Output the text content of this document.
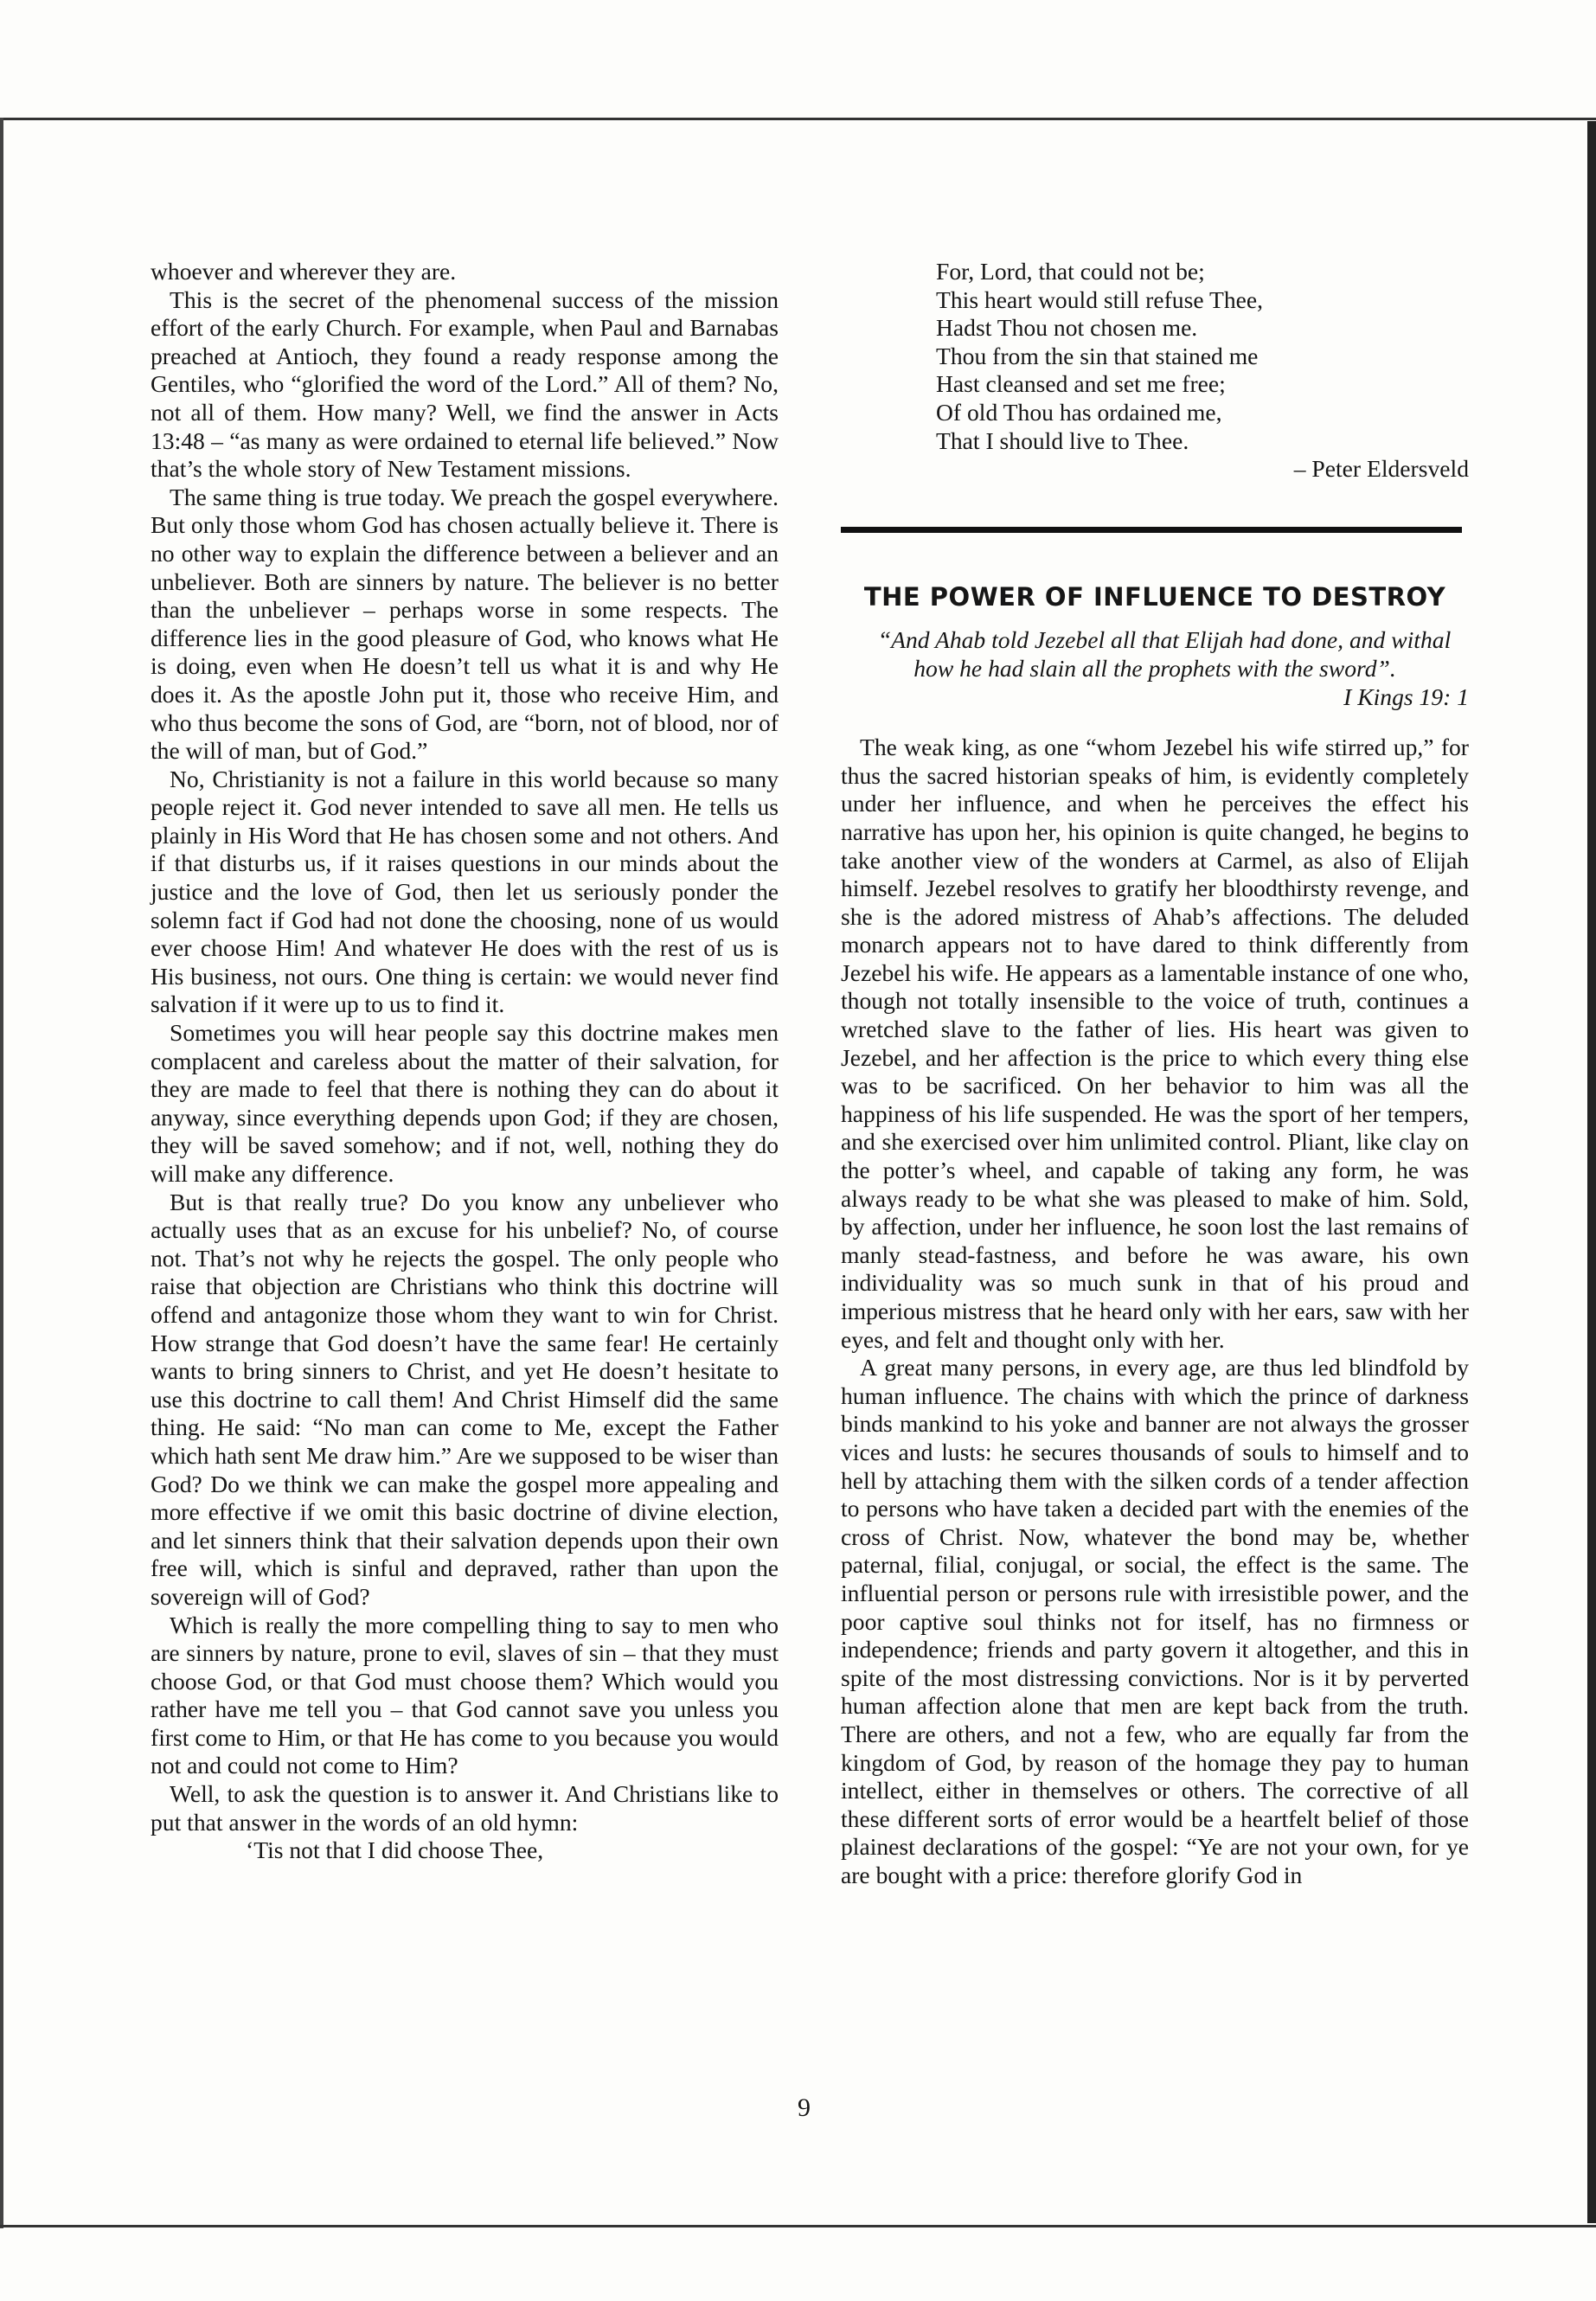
whoever and wherever they are.

This is the secret of the phenomenal success of the mission effort of the early Church. For example, when Paul and Barnabas preached at Antioch, they found a ready response among the Gentiles, who “glorified the word of the Lord.” All of them? No, not all of them. How many? Well, we find the answer in Acts 13:48 – “as many as were ordained to eternal life believed.” Now that’s the whole story of New Testament missions.

The same thing is true today. We preach the gospel everywhere. But only those whom God has chosen actually believe it. There is no other way to explain the difference between a believer and an unbeliever. Both are sinners by nature. The believer is no better than the unbeliever – perhaps worse in some respects. The difference lies in the good pleasure of God, who knows what He is doing, even when He doesn’t tell us what it is and why He does it. As the apostle John put it, those who receive Him, and who thus become the sons of God, are “born, not of blood, nor of the will of man, but of God.”

No, Christianity is not a failure in this world because so many people reject it. God never intended to save all men. He tells us plainly in His Word that He has chosen some and not others. And if that disturbs us, if it raises questions in our minds about the justice and the love of God, then let us seriously ponder the solemn fact if God had not done the choosing, none of us would ever choose Him! And whatever He does with the rest of us is His business, not ours. One thing is certain: we would never find salvation if it were up to us to find it.

Sometimes you will hear people say this doctrine makes men complacent and careless about the matter of their salvation, for they are made to feel that there is nothing they can do about it anyway, since everything depends upon God; if they are chosen, they will be saved somehow; and if not, well, nothing they do will make any difference.

But is that really true? Do you know any unbeliever who actually uses that as an excuse for his unbelief? No, of course not. That’s not why he rejects the gospel. The only people who raise that objection are Christians who think this doctrine will offend and antagonize those whom they want to win for Christ. How strange that God doesn’t have the same fear! He certainly wants to bring sinners to Christ, and yet He doesn’t hesitate to use this doctrine to call them! And Christ Himself did the same thing. He said: “No man can come to Me, except the Father which hath sent Me draw him.” Are we supposed to be wiser than God? Do we think we can make the gospel more appealing and more effective if we omit this basic doctrine of divine election, and let sinners think that their salvation depends upon their own free will, which is sinful and depraved, rather than upon the sovereign will of God?

Which is really the more compelling thing to say to men who are sinners by nature, prone to evil, slaves of sin – that they must choose God, or that God must choose them? Which would you rather have me tell you – that God cannot save you unless you first come to Him, or that He has come to you because you would not and could not come to Him?

Well, to ask the question is to answer it. And Christians like to put that answer in the words of an old hymn:

‘Tis not that I did choose Thee,

For, Lord, that could not be;
This heart would still refuse Thee,
Hadst Thou not chosen me.
Thou from the sin that stained me
Hast cleansed and set me free;
Of old Thou has ordained me,
That I should live to Thee.
– Peter Eldersveld
THE POWER OF INFLUENCE TO DESTROY

“And Ahab told Jezebel all that Elijah had done, and withal how he had slain all the prophets with the sword”.

I Kings 19: 1

The weak king, as one “whom Jezebel his wife stirred up,” for thus the sacred historian speaks of him, is evidently completely under her influence, and when he perceives the effect his narrative has upon her, his opinion is quite changed, he begins to take another view of the wonders at Carmel, as also of Elijah himself. Jezebel resolves to gratify her bloodthirsty revenge, and she is the adored mistress of Ahab’s affections. The deluded monarch appears not to have dared to think differently from Jezebel his wife. He appears as a lamentable instance of one who, though not totally insensible to the voice of truth, continues a wretched slave to the father of lies. His heart was given to Jezebel, and her affection is the price to which every thing else was to be sacrificed. On her behavior to him was all the happiness of his life suspended. He was the sport of her tempers, and she exercised over him unlimited control. Pliant, like clay on the potter’s wheel, and capable of taking any form, he was always ready to be what she was pleased to make of him. Sold, by affection, under her influence, he soon lost the last remains of manly stead-fastness, and before he was aware, his own individuality was so much sunk in that of his proud and imperious mistress that he heard only with her ears, saw with her eyes, and felt and thought only with her.

A great many persons, in every age, are thus led blindfold by human influence. The chains with which the prince of darkness binds mankind to his yoke and banner are not always the grosser vices and lusts: he secures thousands of souls to himself and to hell by attaching them with the silken cords of a tender affection to persons who have taken a decided part with the enemies of the cross of Christ. Now, whatever the bond may be, whether paternal, filial, conjugal, or social, the effect is the same. The influential person or persons rule with irresistible power, and the poor captive soul thinks not for itself, has no firmness or independence; friends and party govern it altogether, and this in spite of the most distressing convictions. Nor is it by perverted human affection alone that men are kept back from the truth. There are others, and not a few, who are equally far from the kingdom of God, by reason of the homage they pay to human intellect, either in themselves or others. The corrective of all these different sorts of error would be a heartfelt belief of those plainest declarations of the gospel: “Ye are not your own, for ye are bought with a price: therefore glorify God in

9
